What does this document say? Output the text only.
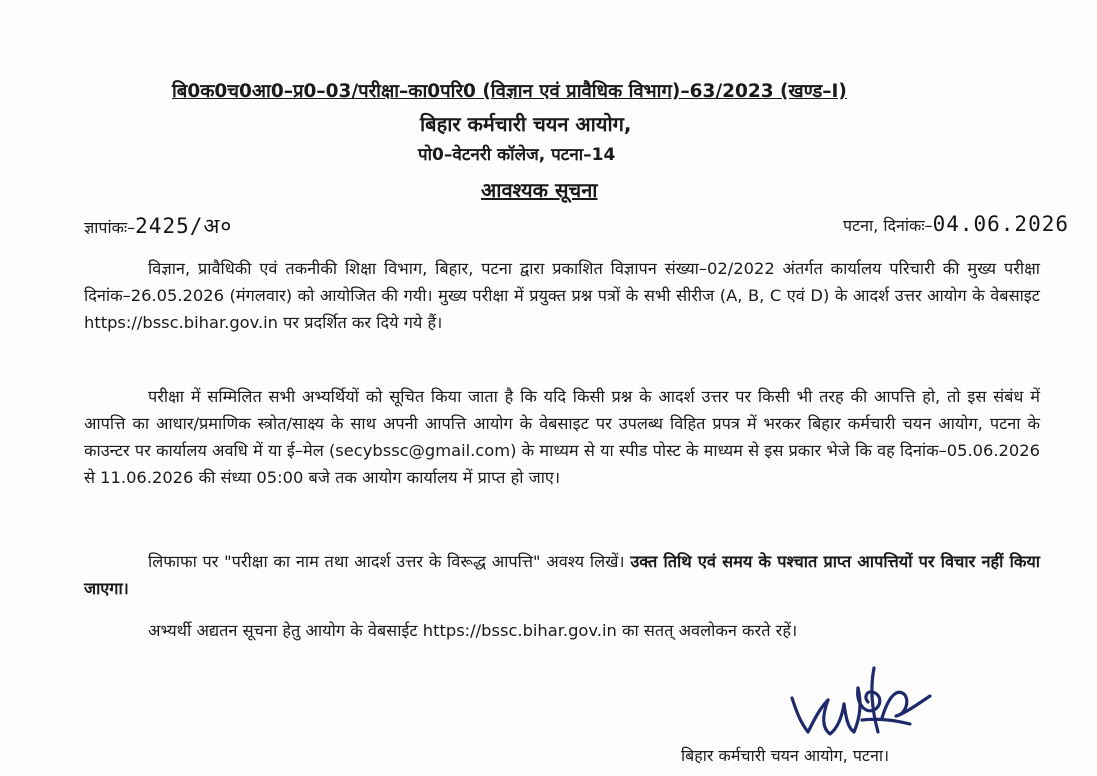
बि0क0च0आ0–प्र0–03/परीक्षा–का0परि0 (विज्ञान एवं प्रावैधिक विभाग)–63/2023 (खण्ड–I)
बिहार कर्मचारी चयन आयोग,
पो0–वेटनरी कॉलेज, पटना–14
आवश्यक सूचना
ज्ञापांकः–2425/अ०	पटना, दिनांकः–04.06.2026
विज्ञान, प्रावैधिकी एवं तकनीकी शिक्षा विभाग, बिहार, पटना द्वारा प्रकाशित विज्ञापन संख्या–02/2022 अंतर्गत कार्यालय परिचारी की मुख्य परीक्षा दिनांक–26.05.2026 (मंगलवार) को आयोजित की गयी। मुख्य परीक्षा में प्रयुक्त प्रश्न पत्रों के सभी सीरीज (A, B, C एवं D) के आदर्श उत्तर आयोग के वेबसाइट https://bssc.bihar.gov.in पर प्रदर्शित कर दिये गये हैं।
परीक्षा में सम्मिलित सभी अभ्यर्थियों को सूचित किया जाता है कि यदि किसी प्रश्न के आदर्श उत्तर पर किसी भी तरह की आपत्ति हो, तो इस संबंध में आपत्ति का आधार/प्रमाणिक स्त्रोत/साक्ष्य के साथ अपनी आपत्ति आयोग के वेबसाइट पर उपलब्ध विहित प्रपत्र में भरकर बिहार कर्मचारी चयन आयोग, पटना के काउन्टर पर कार्यालय अवधि में या ई–मेल (secybssc@gmail.com) के माध्यम से या स्पीड पोस्ट के माध्यम से इस प्रकार भेजे कि वह दिनांक–05.06.2026 से 11.06.2026 की संध्या 05:00 बजे तक आयोग कार्यालय में प्राप्त हो जाए।
लिफाफा पर "परीक्षा का नाम तथा आदर्श उत्तर के विरूद्ध आपत्ति" अवश्य लिखें। उक्त तिथि एवं समय के पश्चात प्राप्त आपत्तियों पर विचार नहीं किया जाएगा।
अभ्यर्थी अद्यतन सूचना हेतु आयोग के वेबसाईट https://bssc.bihar.gov.in का सतत् अवलोकन करते रहें।
बिहार कर्मचारी चयन आयोग, पटना।
